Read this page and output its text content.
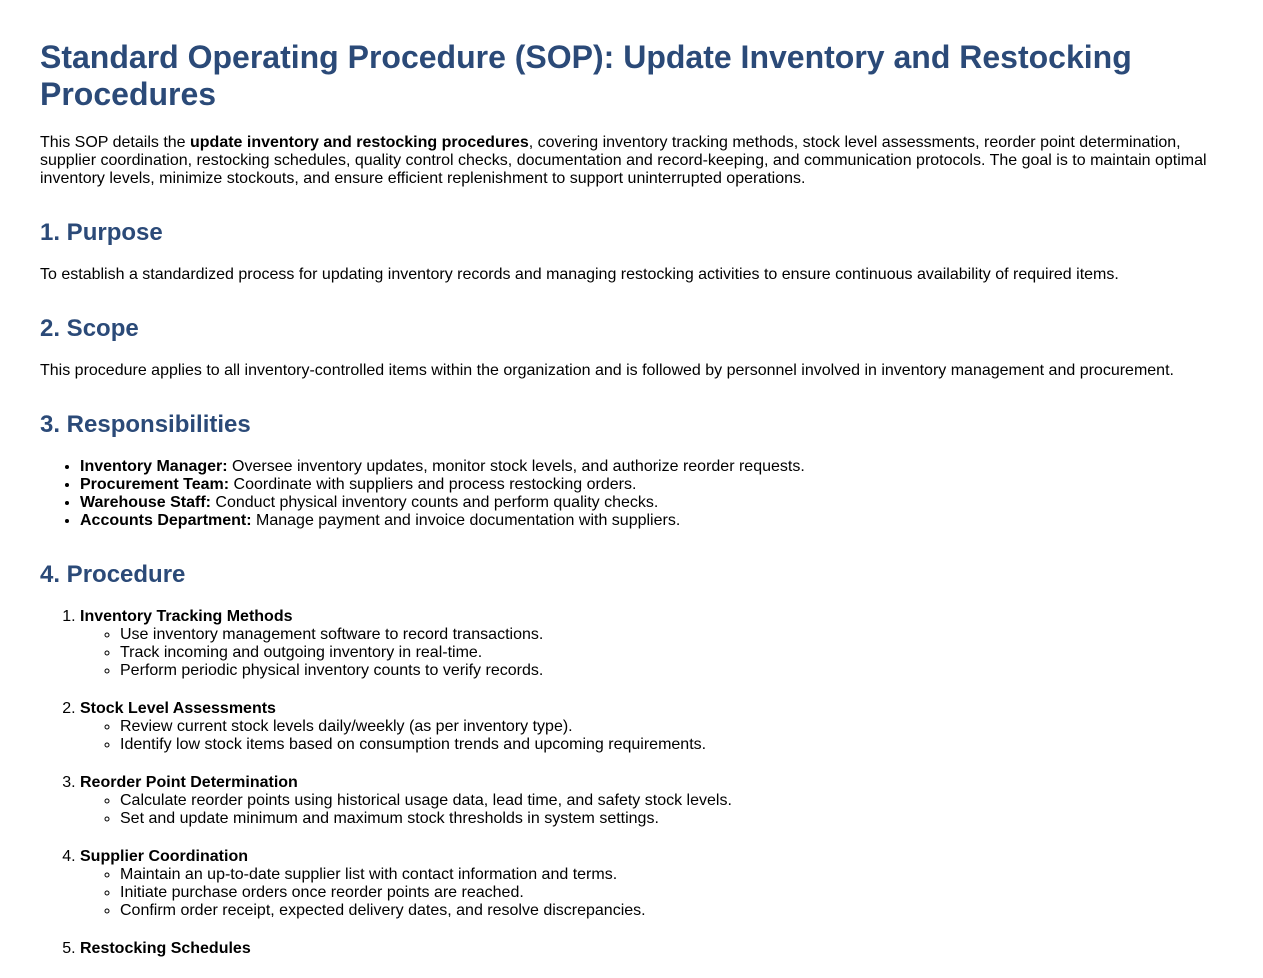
Standard Operating Procedure (SOP): Update Inventory and Restocking Procedures

This SOP details the update inventory and restocking procedures, covering inventory tracking methods, stock level assessments, reorder point determination, supplier coordination, restocking schedules, quality control checks, documentation and record-keeping, and communication protocols. The goal is to maintain optimal inventory levels, minimize stockouts, and ensure efficient replenishment to support uninterrupted operations.

1. Purpose

To establish a standardized process for updating inventory records and managing restocking activities to ensure continuous availability of required items.

2. Scope

This procedure applies to all inventory-controlled items within the organization and is followed by personnel involved in inventory management and procurement.

3. Responsibilities
• Inventory Manager: Oversee inventory updates, monitor stock levels, and authorize reorder requests.
• Procurement Team: Coordinate with suppliers and process restocking orders.
• Warehouse Staff: Conduct physical inventory counts and perform quality checks.
• Accounts Department: Manage payment and invoice documentation with suppliers.
4. Procedure
1. Inventory Tracking Methods
◦ Use inventory management software to record transactions.
◦ Track incoming and outgoing inventory in real-time.
◦ Perform periodic physical inventory counts to verify records.
2. Stock Level Assessments
◦ Review current stock levels daily/weekly (as per inventory type).
◦ Identify low stock items based on consumption trends and upcoming requirements.
3. Reorder Point Determination
◦ Calculate reorder points using historical usage data, lead time, and safety stock levels.
◦ Set and update minimum and maximum stock thresholds in system settings.
4. Supplier Coordination
◦ Maintain an up-to-date supplier list with contact information and terms.
◦ Initiate purchase orders once reorder points are reached.
◦ Confirm order receipt, expected delivery dates, and resolve discrepancies.
5. Restocking Schedules
